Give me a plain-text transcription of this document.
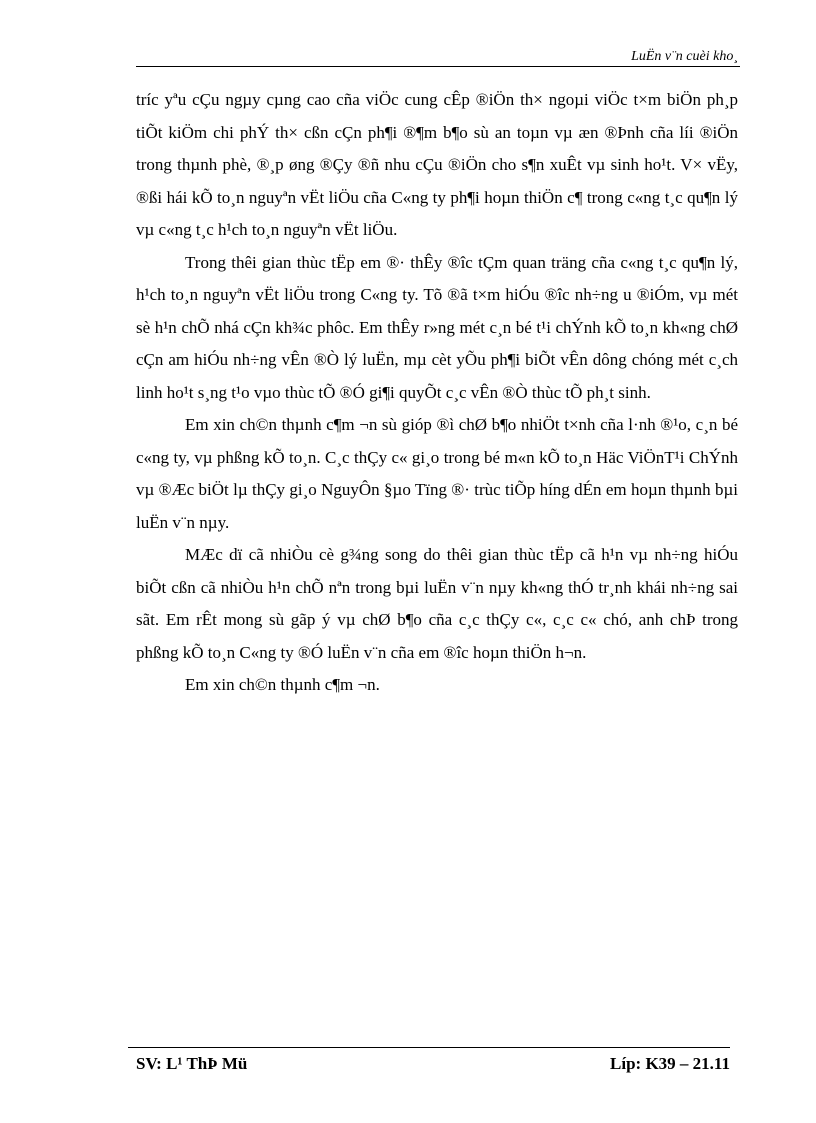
LuËn v¨n cuèi kho¸

tríc yªu cÇu ngµy cµng cao cña viÖc cung cÊp ®iÖn th× ngoµi viÖc t×m biÖn ph¸p tiÕt kiÖm chi phÝ th× cßn cÇn ph¶i ®¶m b¶o sù an toµn vµ æn ®Þnh cña líi ®iÖn trong thµnh phè, ®¸p øng ®Çy ®ñ nhu cÇu ®iÖn cho s¶n xuÊt vµ sinh ho¹t. V× vËy, ®ßi hái kÕ to¸n nguyªn vËt liÖu cña C«ng ty ph¶i hoµn thiÖn c¶ trong c«ng t¸c qu¶n lý vµ c«ng t¸c h¹ch to¸n nguyªn vËt liÖu.

Trong thêi gian thùc tËp em ®· thÊy ®îc tÇm quan träng cña c«ng t¸c qu¶n lý, h¹ch to¸n nguyªn vËt liÖu trong C«ng ty. Tõ ®ã t×m hiÓu ®îc nh÷ng u ®iÓm, vµ mét sè h¹n chÕ nhá cÇn kh¾c phôc. Em thÊy r»ng mét c¸n bé t¹i chÝnh kÕ to¸n kh«ng chØ cÇn am hiÓu nh÷ng vÊn ®Ò lý luËn, mµ cèt yÕu ph¶i biÕt vÊn dông chóng mét c¸ch linh ho¹t s¸ng t¹o vµo thùc tÕ ®Ó gi¶i quyÕt c¸c vÊn ®Ò thùc tÕ ph¸t sinh.

Em xin ch©n thµnh c¶m ¬n sù gióp ®ì chØ b¶o nhiÖt t×nh cña l·nh ®¹o, c¸n bé c«ng ty, vµ phßng kÕ to¸n. C¸c thÇy c« gi¸o trong bé m«n kÕ to¸n Häc ViÖnT¹i ChÝnh vµ ®Æc biÖt lµ thÇy gi¸o NguyÔn §µo Tïng ®· trùc tiÕp híng dÉn em hoµn thµnh bµi luËn v¨n nµy.

MÆc dï cã nhiÒu cè g¾ng song do thêi gian thùc tËp cã h¹n vµ nh÷ng hiÓu biÕt cßn cã nhiÒu h¹n chÕ nªn trong bµi luËn v¨n nµy kh«ng thÓ tr¸nh khái nh÷ng sai sãt. Em rÊt mong sù gãp ý vµ chØ b¶o cña c¸c thÇy c«, c¸c c« chó, anh chÞ trong phßng kÕ to¸n C«ng ty ®Ó luËn v¨n cña em ®îc hoµn thiÖn h¬n.

Em xin ch©n thµnh c¶m ¬n.

SV: L¹ ThÞ Mü	Líp: K39 – 21.11
